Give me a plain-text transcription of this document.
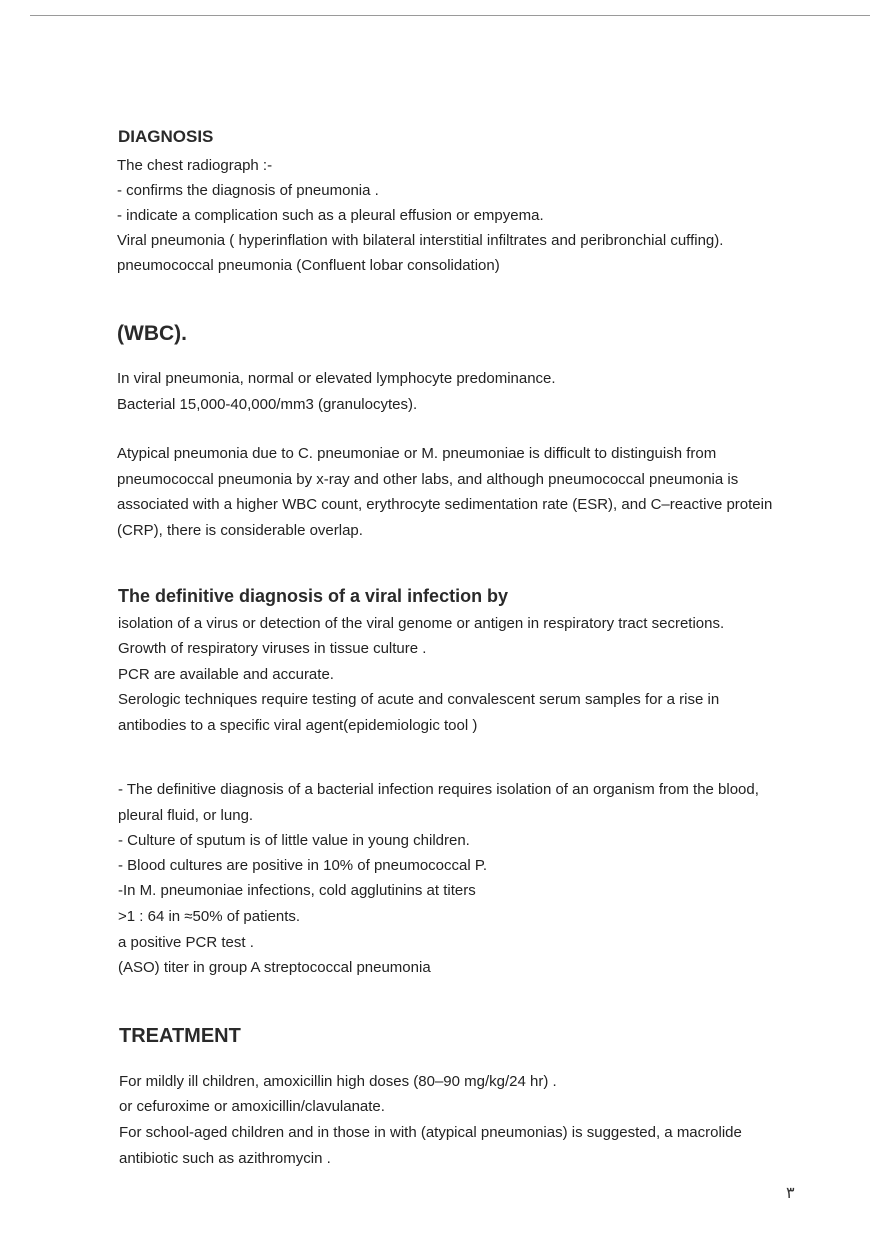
DIAGNOSIS
The chest radiograph :-
- confirms the diagnosis of pneumonia .
- indicate a complication such as a pleural effusion or empyema.
Viral pneumonia ( hyperinflation with bilateral interstitial infiltrates and peribronchial cuffing).
pneumococcal pneumonia (Confluent lobar consolidation)
(WBC).
In viral pneumonia, normal or elevated lymphocyte predominance.
Bacterial 15,000-40,000/mm3 (granulocytes).
Atypical pneumonia due to C. pneumoniae or M. pneumoniae is difficult to distinguish from
pneumococcal pneumonia by x-ray and other labs, and although pneumococcal pneumonia is
associated with a higher WBC count, erythrocyte sedimentation rate (ESR), and C–reactive protein
(CRP), there is considerable overlap.
The definitive diagnosis of a viral infection by
isolation of a virus or detection of the viral genome or antigen in respiratory tract secretions.
Growth of respiratory viruses in tissue culture .
PCR are available and accurate.
Serologic techniques require testing of acute and convalescent serum samples for a rise in
antibodies to a specific viral agent(epidemiologic tool )
- The definitive diagnosis of a bacterial infection requires isolation of an organism from the blood,
pleural fluid, or lung.
- Culture of sputum is of little value in young children.
- Blood cultures are positive in 10% of pneumococcal P.
-In M. pneumoniae infections, cold agglutinins at titers
>1 : 64 in ≈50% of patients.
a positive PCR test .
(ASO) titer in group A streptococcal pneumonia
TREATMENT
For mildly ill children, amoxicillin high doses (80–90 mg/kg/24 hr) .
or cefuroxime or amoxicillin/clavulanate.
For school-aged children and in those in with (atypical pneumonias) is suggested, a macrolide
antibiotic such as azithromycin .
٣
